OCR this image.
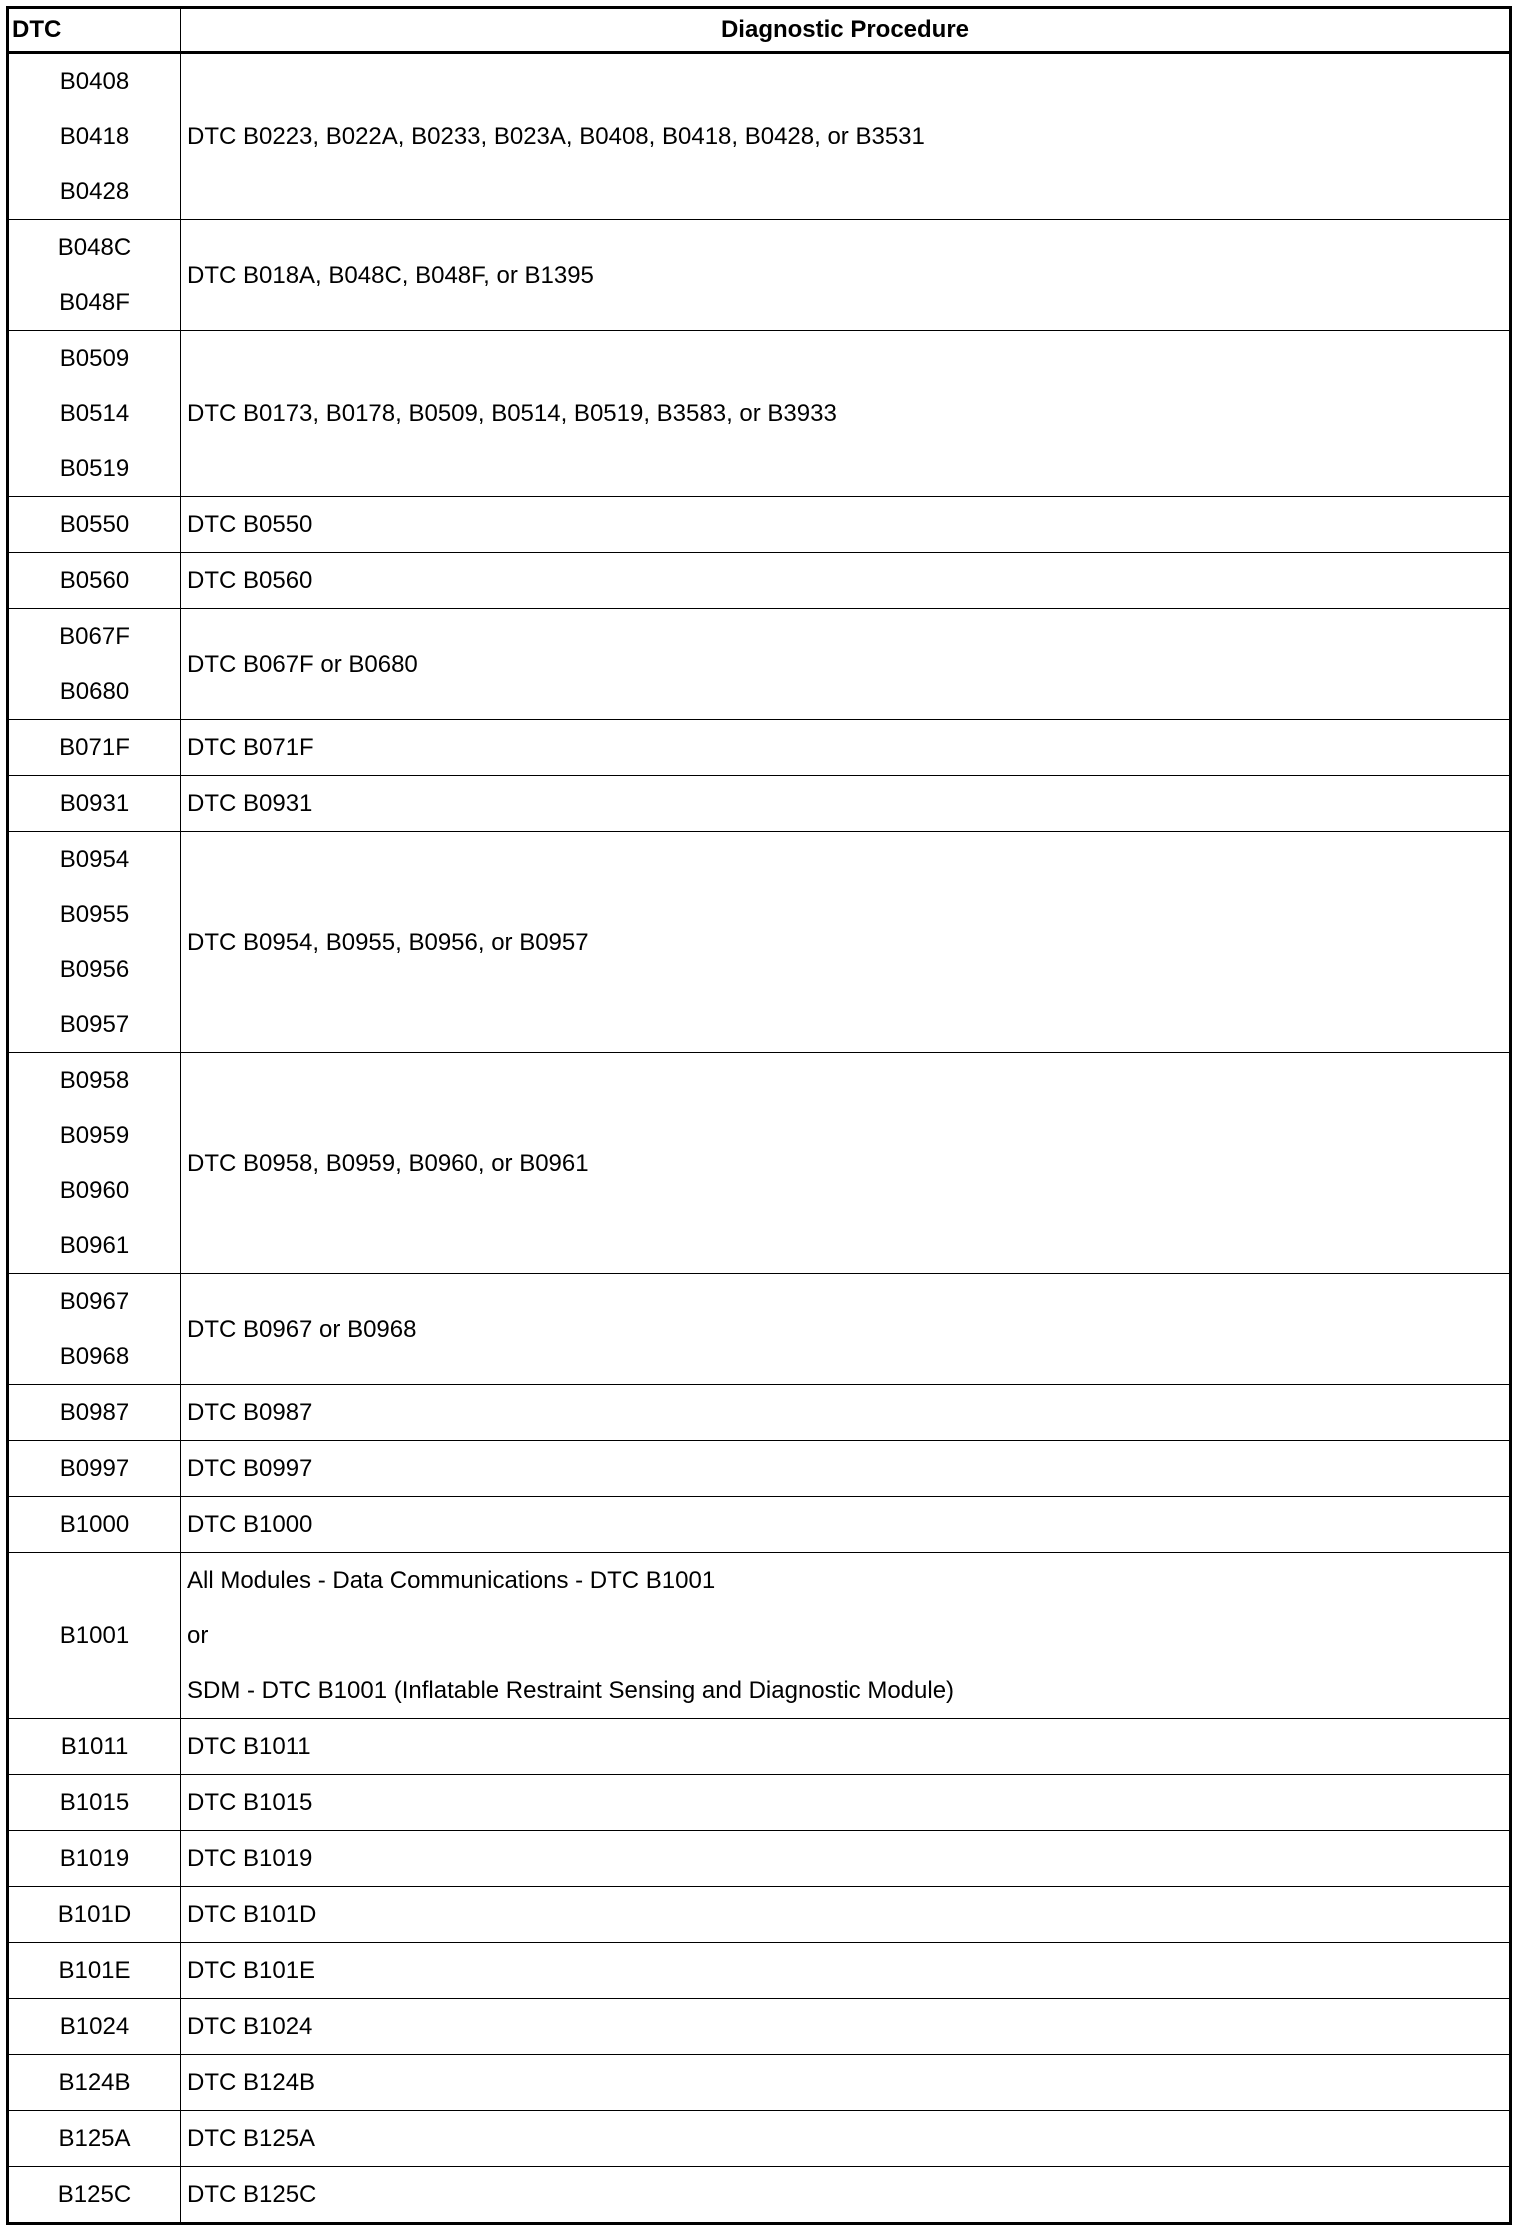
DTC	Diagnostic Procedure

B0408
B0418
B0428	DTC B0223, B022A, B0233, B023A, B0408, B0418, B0428, or B3531

B048C
B048F	DTC B018A, B048C, B048F, or B1395

B0509
B0514
B0519	DTC B0173, B0178, B0509, B0514, B0519, B3583, or B3933

B0550	DTC B0550

B0560	DTC B0560

B067F
B0680	DTC B067F or B0680

B071F	DTC B071F

B0931	DTC B0931

B0954
B0955
B0956
B0957	DTC B0954, B0955, B0956, or B0957

B0958
B0959
B0960
B0961	DTC B0958, B0959, B0960, or B0961

B0967
B0968	DTC B0967 or B0968

B0987	DTC B0987

B0997	DTC B0997

B1000	DTC B1000

B1001	All Modules - Data Communications - DTC B1001
or
SDM - DTC B1001 (Inflatable Restraint Sensing and Diagnostic Module)

B1011	DTC B1011

B1015	DTC B1015

B1019	DTC B1019

B101D	DTC B101D

B101E	DTC B101E

B1024	DTC B1024

B124B	DTC B124B

B125A	DTC B125A

B125C	DTC B125C
